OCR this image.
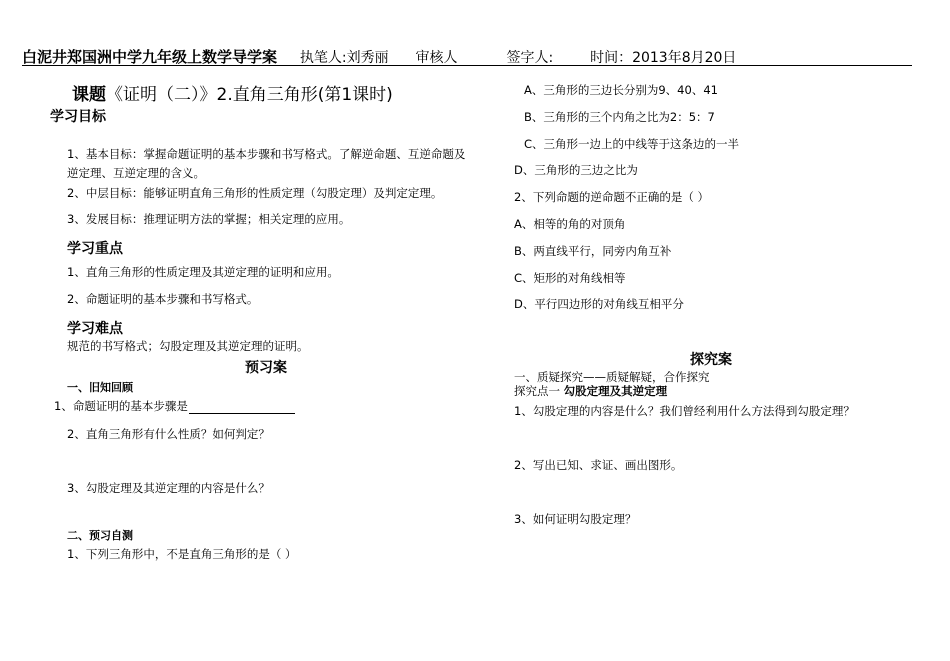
白泥井郑国洲中学九年级上数学导学案 执笔人:刘秀丽 审核人	签字人:	时间：2013年8月20日
课题《证明（二）》2.直角三角形(第1课时)
学习目标
1、基本目标：掌握命题证明的基本步骤和书写格式。了解逆命题、互逆命题及
逆定理、互逆定理的含义。
2、中层目标：能够证明直角三角形的性质定理（勾股定理）及判定定理。
3、发展目标：推理证明方法的掌握；相关定理的应用。
学习重点
1、直角三角形的性质定理及其逆定理的证明和应用。
2、命题证明的基本步骤和书写格式。
学习难点
规范的书写格式；勾股定理及其逆定理的证明。
预习案
一、旧知回顾
1、命题证明的基本步骤是
2、直角三角形有什么性质？如何判定？
3、勾股定理及其逆定理的内容是什么？
二、预习自测
1、下列三角形中，不是直角三角形的是（ ）
A、三角形的三边长分别为9、40、41
B、三角形的三个内角之比为2：5：7
C、三角形一边上的中线等于这条边的一半
D、三角形的三边之比为
2、下列命题的逆命题不正确的是（ ）
A、相等的角的对顶角
B、两直线平行，同旁内角互补
C、矩形的对角线相等
D、平行四边形的对角线互相平分
探究案
一、质疑探究——质疑解疑，合作探究
探究点一 勾股定理及其逆定理
1、勾股定理的内容是什么？我们曾经利用什么方法得到勾股定理？
2、写出已知、求证、画出图形。
3、如何证明勾股定理？
